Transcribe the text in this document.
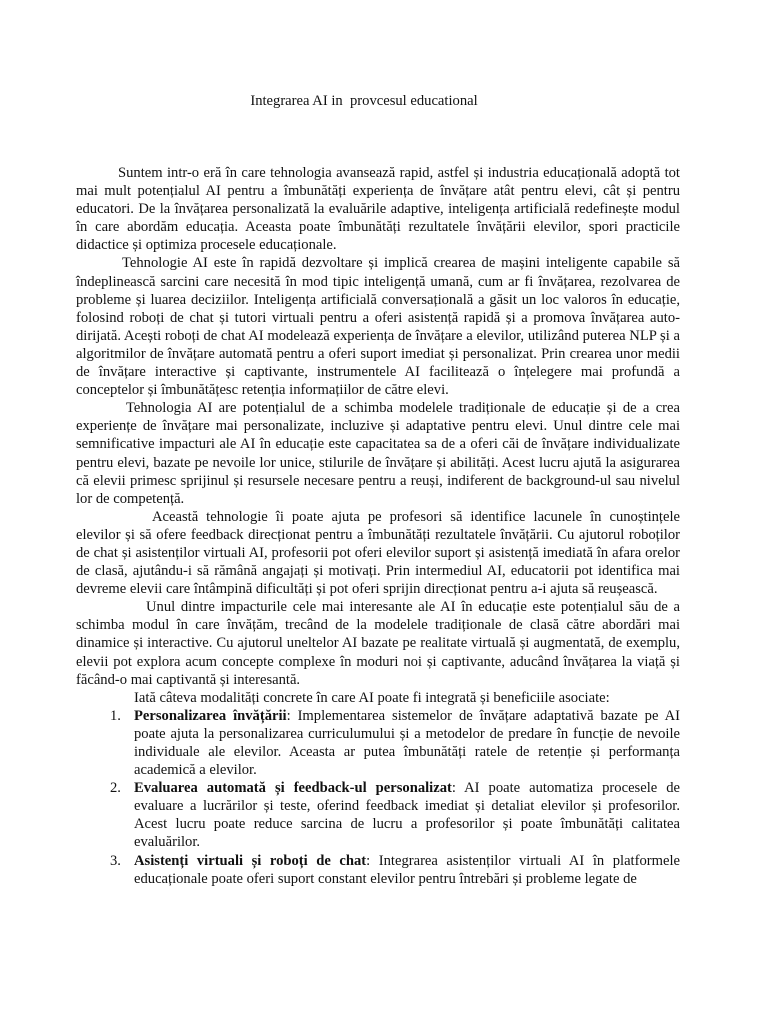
Integrarea AI in  provcesul educational

Suntem intr-o eră în care tehnologia avansează rapid, astfel și industria educațională adoptă tot mai mult potențialul AI pentru a îmbunătăți experiența de învățare atât pentru elevi, cât și pentru educatori. De la învățarea personalizată la evaluările adaptive, inteligența artificială redefinește modul în care abordăm educația. Aceasta poate îmbunătăți rezultatele învățării elevilor, spori practicile didactice și optimiza procesele educaționale.

Tehnologie AI este în rapidă dezvoltare și implică crearea de mașini inteligente capabile să îndeplinească sarcini care necesită în mod tipic inteligență umană, cum ar fi învățarea, rezolvarea de probleme și luarea deciziilor. Inteligența artificială conversațională a găsit un loc valoros în educație, folosind roboți de chat și tutori virtuali pentru a oferi asistență rapidă și a promova învățarea auto-dirijată. Acești roboți de chat AI modelează experiența de învățare a elevilor, utilizând puterea NLP și a algoritmilor de învățare automată pentru a oferi suport imediat și personalizat. Prin crearea unor medii de învățare interactive și captivante, instrumentele AI facilitează o înțelegere mai profundă a conceptelor și îmbunătățesc retenția informațiilor de către elevi.

Tehnologia AI are potențialul de a schimba modelele tradiționale de educație și de a crea experiențe de învățare mai personalizate, incluzive și adaptative pentru elevi. Unul dintre cele mai semnificative impacturi ale AI în educație este capacitatea sa de a oferi căi de învățare individualizate pentru elevi, bazate pe nevoile lor unice, stilurile de învățare și abilități. Acest lucru ajută la asigurarea că elevii primesc sprijinul și resursele necesare pentru a reuși, indiferent de background-ul sau nivelul lor de competență.

Această tehnologie îi poate ajuta pe profesori să identifice lacunele în cunoștințele elevilor și să ofere feedback direcționat pentru a îmbunătăți rezultatele învățării. Cu ajutorul roboților de chat și asistenților virtuali AI, profesorii pot oferi elevilor suport și asistență imediată în afara orelor de clasă, ajutându-i să rămână angajați și motivați. Prin intermediul AI, educatorii pot identifica mai devreme elevii care întâmpină dificultăți și pot oferi sprijin direcționat pentru a-i ajuta să reușească.

Unul dintre impacturile cele mai interesante ale AI în educație este potențialul său de a schimba modul în care învățăm, trecând de la modelele tradiționale de clasă către abordări mai dinamice și interactive. Cu ajutorul uneltelor AI bazate pe realitate virtuală și augmentată, de exemplu, elevii pot explora acum concepte complexe în moduri noi și captivante, aducând învățarea la viață și făcând-o mai captivantă și interesantă.

Iată câteva modalități concrete în care AI poate fi integrată și beneficiile asociate:

1. Personalizarea învățării: Implementarea sistemelor de învățare adaptativă bazate pe AI poate ajuta la personalizarea curriculumului și a metodelor de predare în funcție de nevoile individuale ale elevilor. Aceasta ar putea îmbunătăți ratele de retenție și performanța academică a elevilor.
2. Evaluarea automată și feedback-ul personalizat: AI poate automatiza procesele de evaluare a lucrărilor și teste, oferind feedback imediat și detaliat elevilor și profesorilor. Acest lucru poate reduce sarcina de lucru a profesorilor și poate îmbunătăți calitatea evaluărilor.
3. Asistenți virtuali și roboți de chat: Integrarea asistenților virtuali AI în platformele educaționale poate oferi suport constant elevilor pentru întrebări și probleme legate de
